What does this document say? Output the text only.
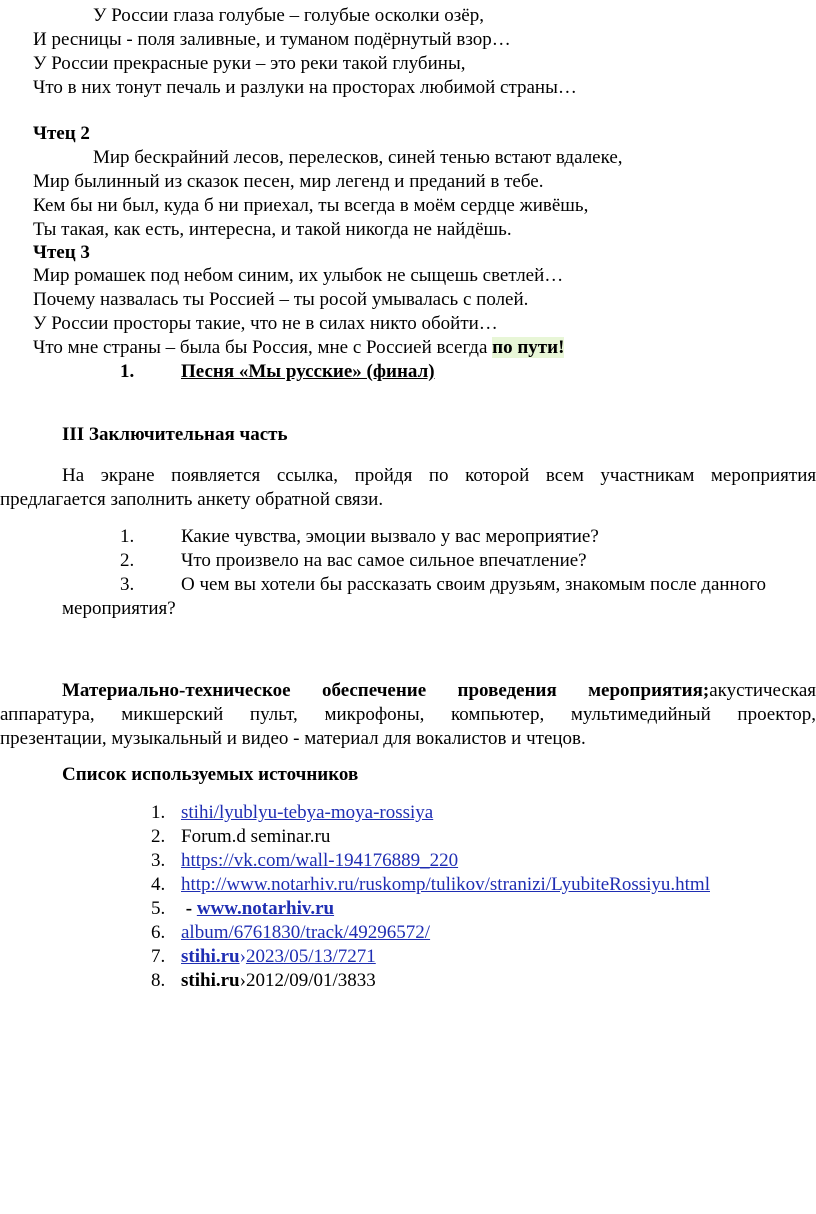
У России глаза голубые – голубые осколки озёр,
И ресницы - поля заливные, и туманом подёрнутый взор…
У России прекрасные руки – это реки такой глубины,
Что в них тонут печаль и разлуки на просторах любимой страны…
Чтец 2
Мир бескрайний лесов, перелесков, синей тенью встают вдалеке,
Мир былинный из сказок песен, мир легенд и преданий в тебе.
Кем бы ни был, куда б ни приехал, ты всегда в моём сердце живёшь,
Ты такая, как есть, интересна, и такой никогда не найдёшь.
Чтец 3
Мир ромашек под небом синим, их улыбок не сыщешь светлей…
Почему назвалась ты Россией – ты росой умывалась с полей.
У России просторы такие, что не в силах никто обойти…
Что мне страны – была бы Россия, мне с Россией всегда по пути!
1. Песня «Мы русские» (финал)
III Заключительная часть
На экране появляется ссылка, пройдя по которой всем участникам мероприятия
предлагается заполнить анкету обратной связи.
1. Какие чувства, эмоции вызвало у вас мероприятие?
2. Что произвело на вас самое сильное впечатление?
3. О чем вы хотели бы рассказать своим друзьям, знакомым после данного
мероприятия?
Материально-техническое обеспечение проведения мероприятия;акустическая
аппаратура, микшерский пульт, микрофоны, компьютер, мультимедийный проектор,
презентации, музыкальный и видео - материал для вокалистов и чтецов.
Список используемых источников
1. stihi/lyublyu-tebya-moya-rossiya
2. Forum.d seminar.ru
3. https://vk.com/wall-194176889_220
4. http://www.notarhiv.ru/ruskomp/tulikov/stranizi/LyubiteRossiyu.html
5. - www.notarhiv.ru
6. album/6761830/track/49296572/
7. stihi.ru›2023/05/13/7271
8. stihi.ru›2012/09/01/3833
